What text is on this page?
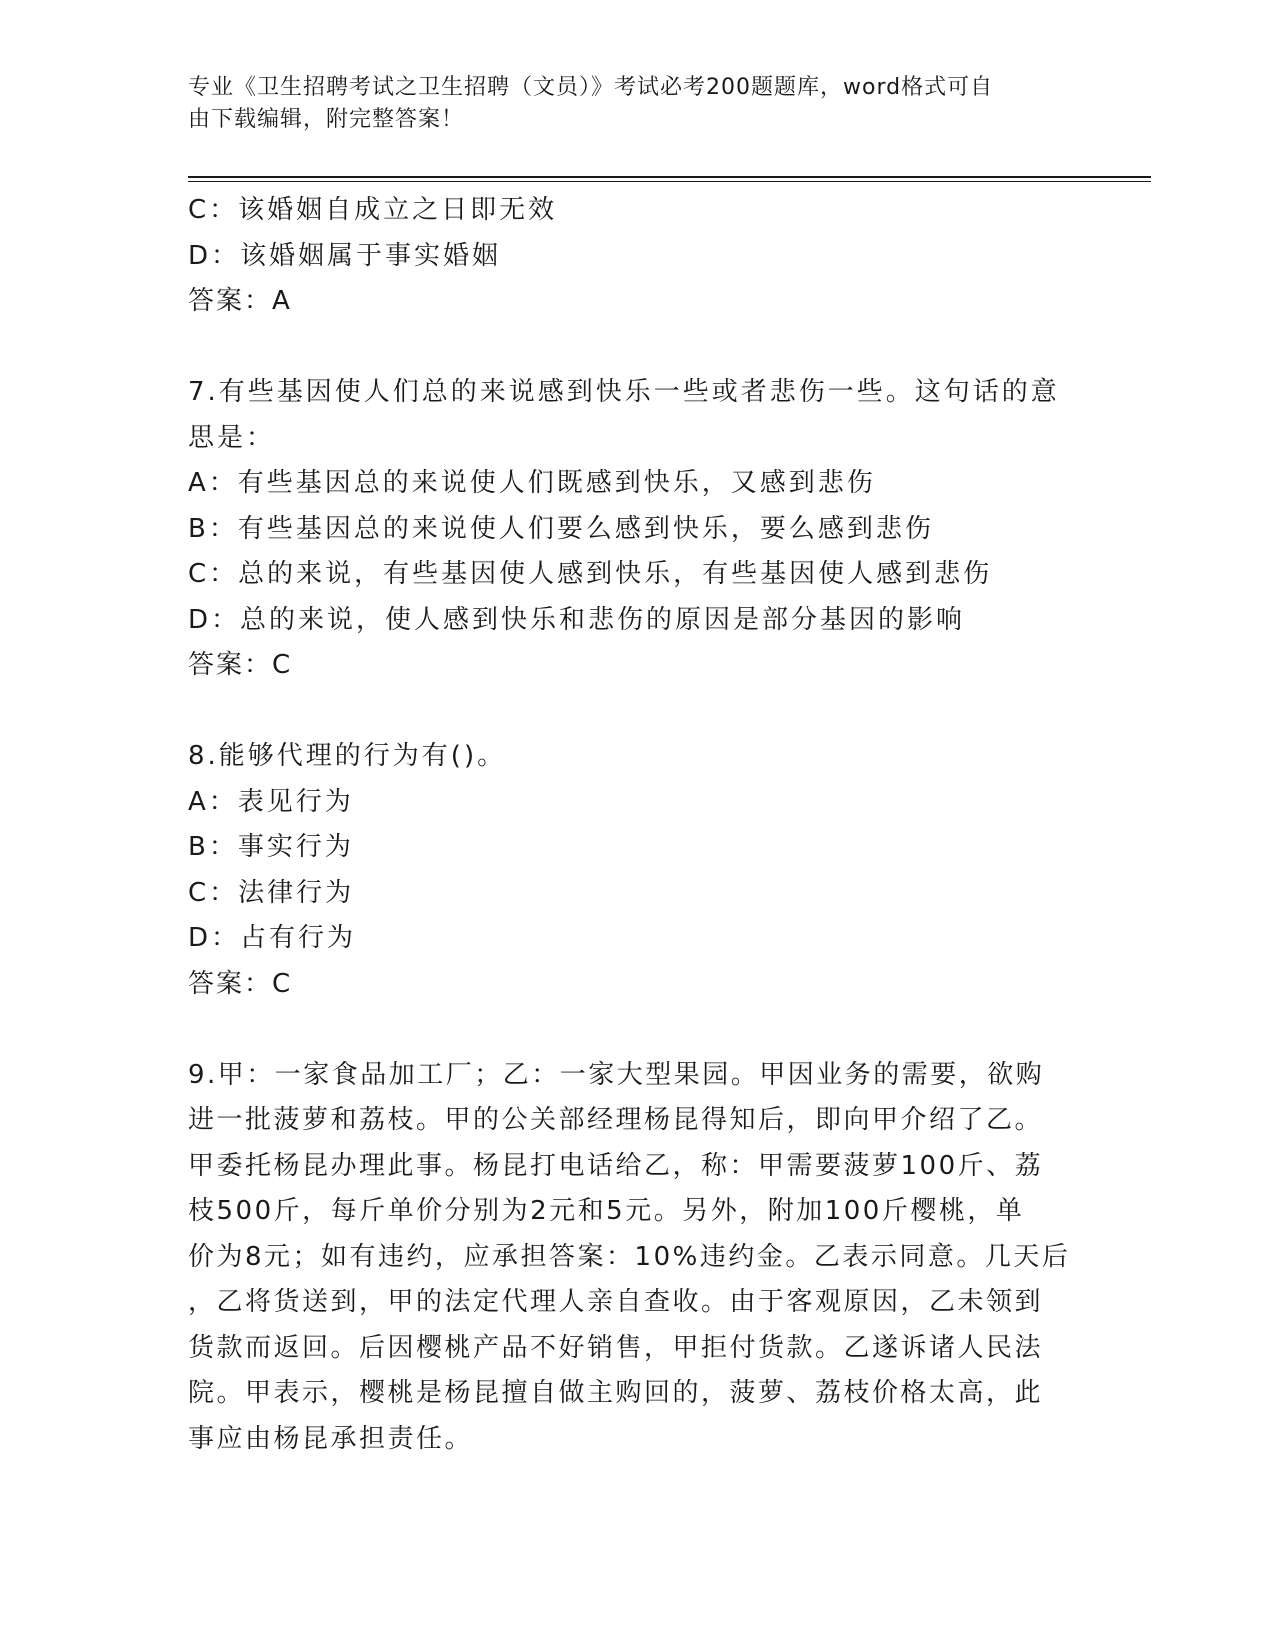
专业《卫生招聘考试之卫生招聘（文员）》考试必考200题题库，word格式可自
由下载编辑，附完整答案！
C：该婚姻自成立之日即无效
D：该婚姻属于事实婚姻
答案：A
7.有些基因使人们总的来说感到快乐一些或者悲伤一些。这句话的意
思是：
A：有些基因总的来说使人们既感到快乐，又感到悲伤
B：有些基因总的来说使人们要么感到快乐，要么感到悲伤
C：总的来说，有些基因使人感到快乐，有些基因使人感到悲伤
D：总的来说，使人感到快乐和悲伤的原因是部分基因的影响
答案：C
8.能够代理的行为有()。
A：表见行为
B：事实行为
C：法律行为
D：占有行为
答案：C
9.甲：一家食品加工厂；乙：一家大型果园。甲因业务的需要，欲购
进一批菠萝和荔枝。甲的公关部经理杨昆得知后，即向甲介绍了乙。
甲委托杨昆办理此事。杨昆打电话给乙，称：甲需要菠萝100斤、荔
枝500斤，每斤单价分别为2元和5元。另外，附加100斤樱桃，单
价为8元；如有违约，应承担答案：10%违约金。乙表示同意。几天后
，乙将货送到，甲的法定代理人亲自查收。由于客观原因，乙未领到
货款而返回。后因樱桃产品不好销售，甲拒付货款。乙遂诉诸人民法
院。甲表示，樱桃是杨昆擅自做主购回的，菠萝、荔枝价格太高，此
事应由杨昆承担责任。
